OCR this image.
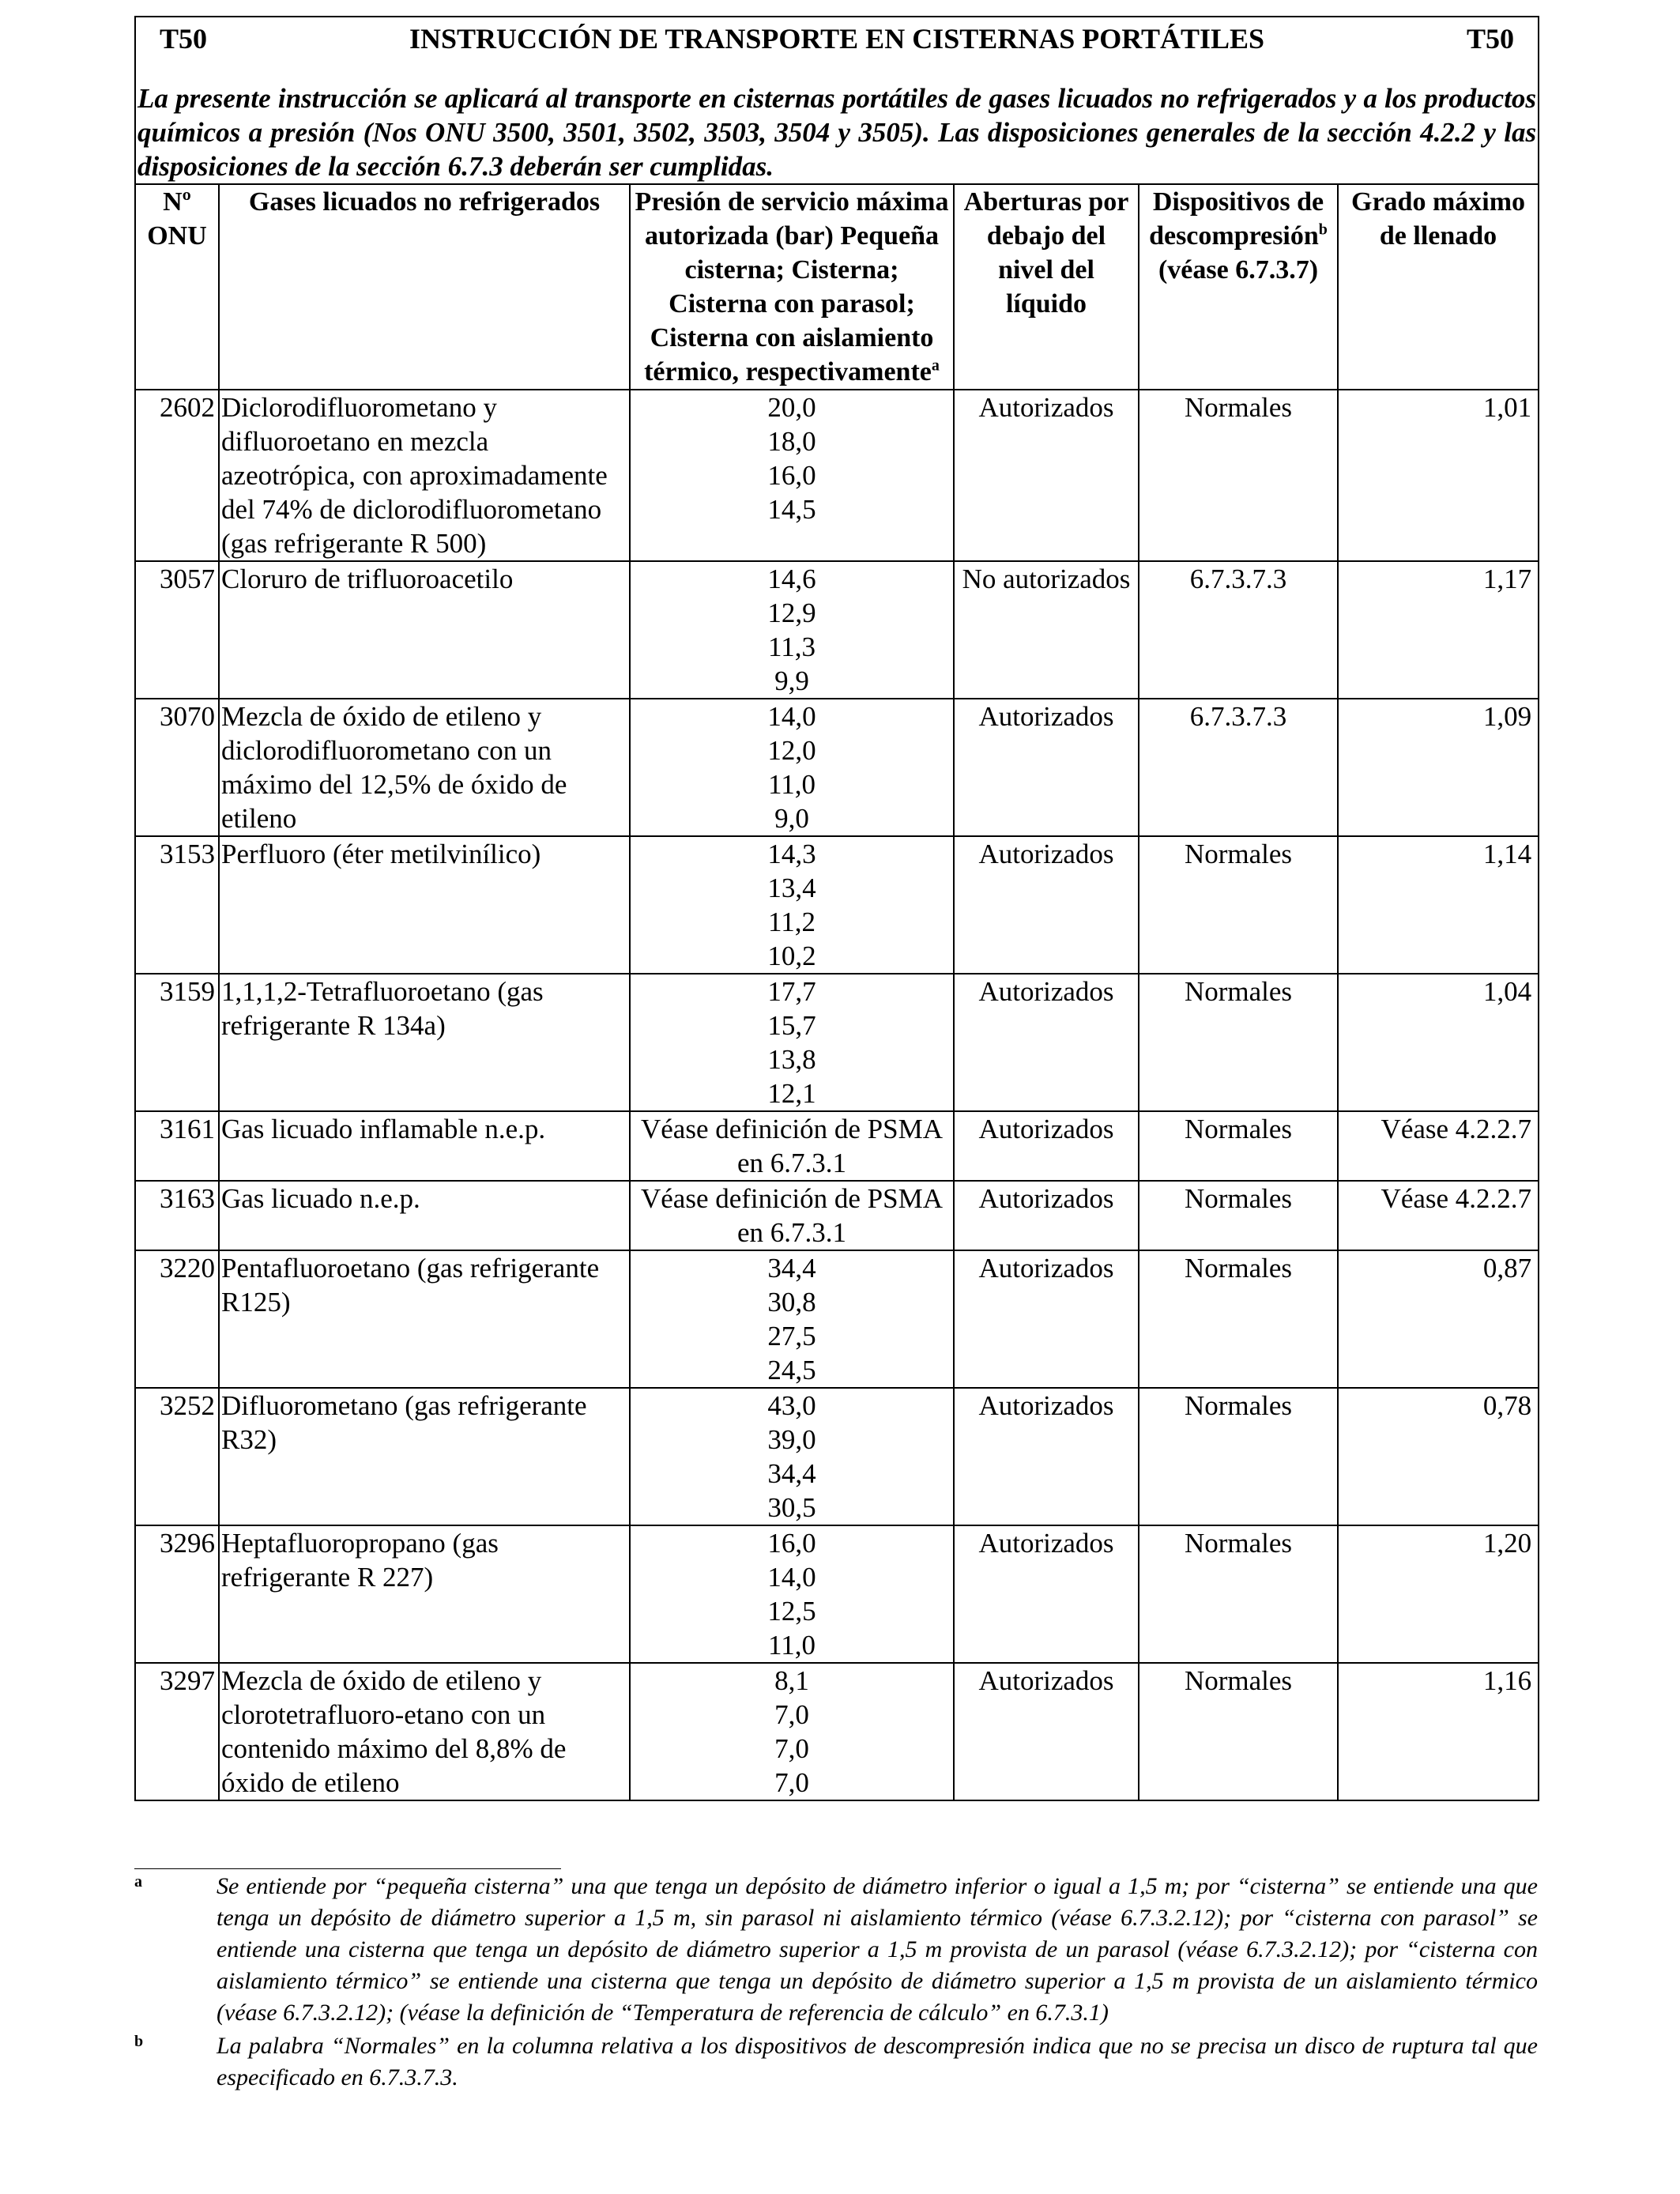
T50 INSTRUCCIÓN DE TRANSPORTE EN CISTERNAS PORTÁTILES T50					

La presente instrucción se aplicará al transporte en cisternas portátiles de gases licuados no refrigerados y a los productos químicos a presión (Nos ONU 3500, 3501, 3502, 3503, 3504 y 3505). Las disposiciones generales de la sección 4.2.2 y las disposiciones de la sección 6.7.3 deberán ser cumplidas.					
Nº ONU	Gases licuados no refrigerados	Presión de servicio máxima autorizada (bar) Pequeña cisterna; Cisterna; Cisterna con parasol; Cisterna con aislamiento térmico, respectivamente$^a$	Aberturas por debajo del nivel del líquido	Dispositivos de descompresión$^b$
(véase 6.7.3.7)	Grado máximo de llenado
2602	Diclorodifluorometano y difluoroetano en mezcla azeotrópica, con aproximadamente del 74% de diclorodifluorometano (gas refrigerante R 500)	20,0
18,0
16,0
14,5	Autorizados	Normales	1,01
3057	Cloruro de trifluoroacetilo	14,6
12,9
11,3
9,9	No autorizados	6.7.3.7.3	1,17
3070	Mezcla de óxido de etileno y diclorodifluorometano con un máximo del 12,5% de óxido de etileno	14,0
12,0
11,0
9,0	Autorizados	6.7.3.7.3	1,09
3153	Perfluoro (éter metilvinílico)	14,3
13,4
11,2
10,2	Autorizados	Normales	1,14
3159	1,1,1,2-Tetrafluoroetano (gas refrigerante R 134a)	17,7
15,7
13,8
12,1	Autorizados	Normales	1,04
3161	Gas licuado inflamable n.e.p.	Véase definición de PSMA en 6.7.3.1	Autorizados	Normales	Véase 4.2.2.7
3163	Gas licuado n.e.p.	Véase definición de PSMA en 6.7.3.1	Autorizados	Normales	Véase 4.2.2.7
3220	Pentafluoroetano (gas refrigerante R125)	34,4
30,8
27,5
24,5	Autorizados	Normales	0,87
3252	Difluorometano (gas refrigerante R32)	43,0
39,0
34,4
30,5	Autorizados	Normales	0,78
3296	Heptafluoropropano (gas refrigerante R 227)	16,0
14,0
12,5
11,0	Autorizados	Normales	1,20
3297	Mezcla de óxido de etileno y clorotetrafluoro-etano con un contenido máximo del 8,8% de óxido de etileno	8,1
7,0
7,0
7,0	Autorizados	Normales	1,16
a	Se entiende por “pequeña cisterna” una que tenga un depósito de diámetro inferior o igual a 1,5 m; por “cisterna” se entiende una que tenga un depósito de diámetro superior a 1,5 m, sin parasol ni aislamiento térmico (véase 6.7.3.2.12); por “cisterna con parasol” se entiende una cisterna que tenga un depósito de diámetro superior a 1,5 m provista de un parasol (véase 6.7.3.2.12); por “cisterna con aislamiento térmico” se entiende una cisterna que tenga un depósito de diámetro superior a 1,5 m provista de un aislamiento térmico (véase 6.7.3.2.12); (véase la definición de “Temperatura de referencia de cálculo” en 6.7.3.1)
b	La palabra “Normales” en la columna relativa a los dispositivos de descompresión indica que no se precisa un disco de ruptura tal que especificado en 6.7.3.7.3.
